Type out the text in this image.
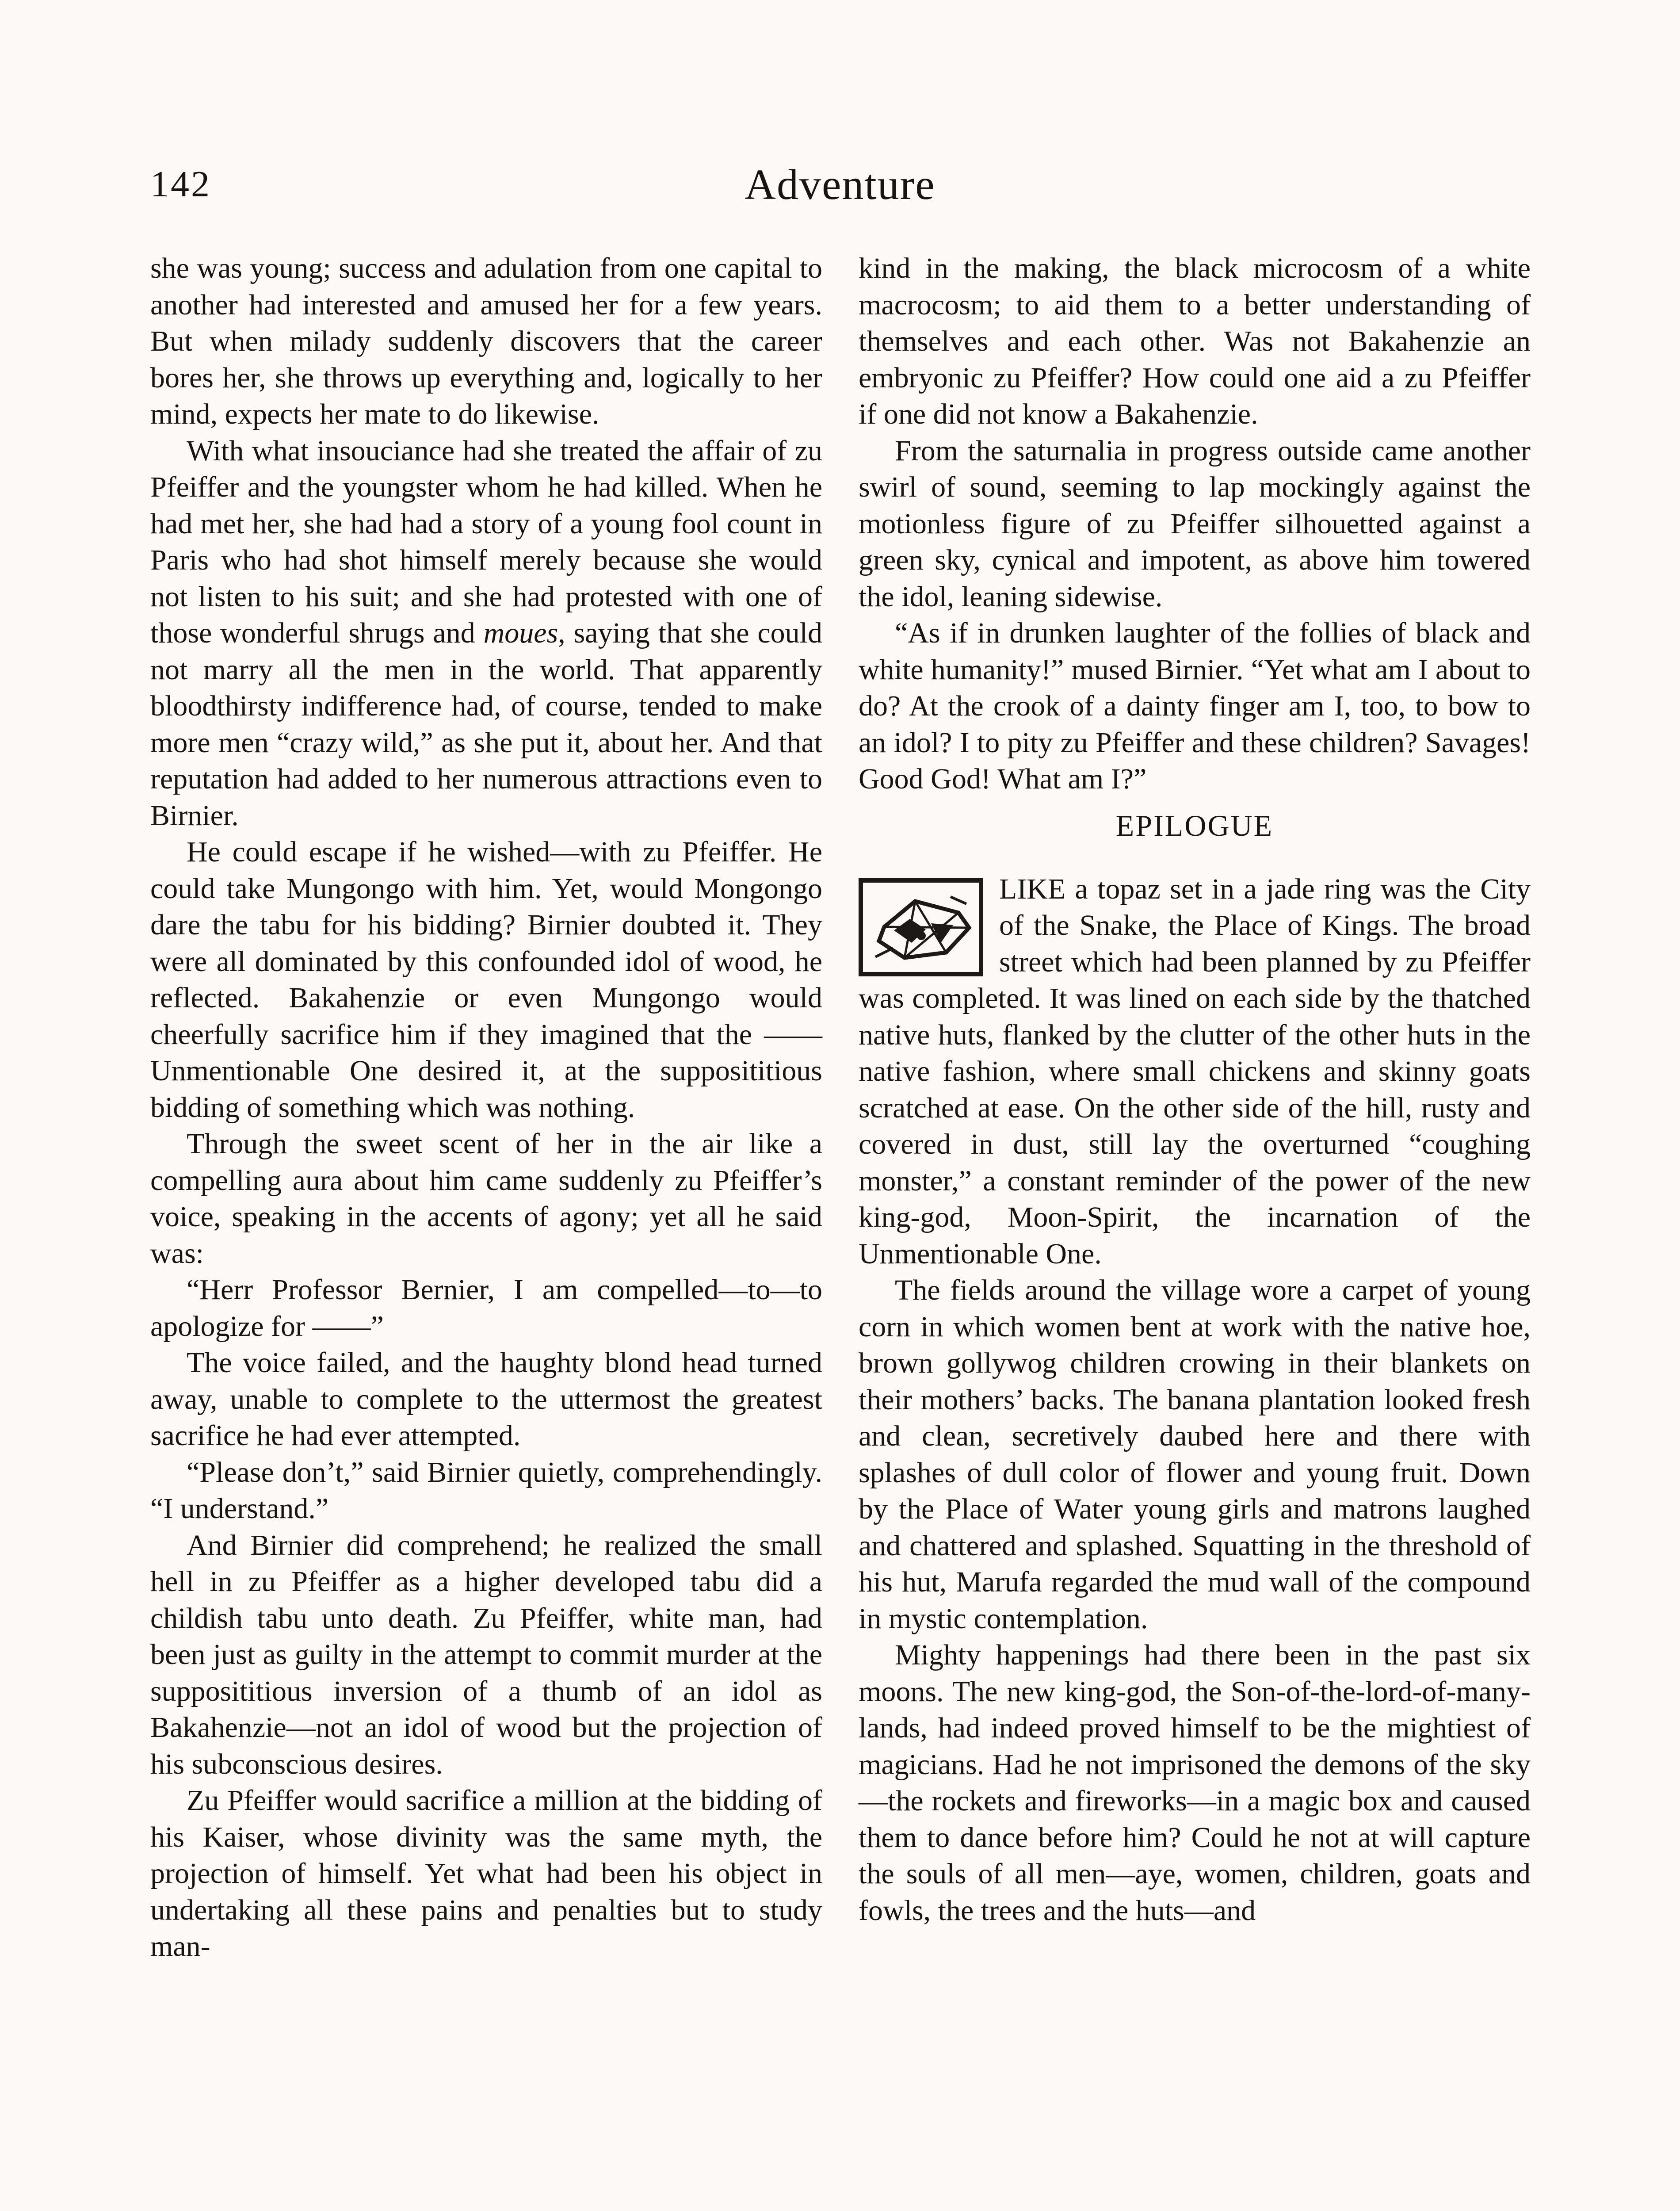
142	Adventure

she was young; success and adulation from one capital to another had interested and amused her for a few years. But when milady suddenly discovers that the career bores her, she throws up everything and, logically to her mind, expects her mate to do likewise.

With what insouciance had she treated the affair of zu Pfeiffer and the youngster whom he had killed. When he had met her, she had had a story of a young fool count in Paris who had shot himself merely because she would not listen to his suit; and she had protested with one of those wonderful shrugs and moues, saying that she could not marry all the men in the world. That apparently bloodthirsty indifference had, of course, tended to make more men “crazy wild,” as she put it, about her. And that reputation had added to her numerous attractions even to Birnier.

He could escape if he wished—with zu Pfeiffer. He could take Mungongo with him. Yet, would Mongongo dare the tabu for his bidding? Birnier doubted it. They were all dominated by this confounded idol of wood, he reflected. Bakahenzie or even Mungongo would cheerfully sacrifice him if they imagined that the —— Unmentionable One desired it, at the supposititious bidding of something which was nothing.

Through the sweet scent of her in the air like a compelling aura about him came suddenly zu Pfeiffer’s voice, speaking in the accents of agony; yet all he said was:

“Herr Professor Bernier, I am compelled—to—to apologize for ——”

The voice failed, and the haughty blond head turned away, unable to complete to the uttermost the greatest sacrifice he had ever attempted.

“Please don’t,” said Birnier quietly, comprehendingly. “I understand.”

And Birnier did comprehend; he realized the small hell in zu Pfeiffer as a higher developed tabu did a childish tabu unto death. Zu Pfeiffer, white man, had been just as guilty in the attempt to commit murder at the supposititious inversion of a thumb of an idol as Bakahenzie—not an idol of wood but the projection of his subconscious desires.

Zu Pfeiffer would sacrifice a million at the bidding of his Kaiser, whose divinity was the same myth, the projection of himself. Yet what had been his object in undertaking all these pains and penalties but to study man-

kind in the making, the black microcosm of a white macrocosm; to aid them to a better understanding of themselves and each other. Was not Bakahenzie an embryonic zu Pfeiffer? How could one aid a zu Pfeiffer if one did not know a Bakahenzie.

From the saturnalia in progress outside came another swirl of sound, seeming to lap mockingly against the motionless figure of zu Pfeiffer silhouetted against a green sky, cynical and impotent, as above him towered the idol, leaning sidewise.

“As if in drunken laughter of the follies of black and white humanity!” mused Birnier. “Yet what am I about to do? At the crook of a dainty finger am I, too, to bow to an idol? I to pity zu Pfeiffer and these children? Savages! Good God! What am I?”

EPILOGUE

LIKE a topaz set in a jade ring was the City of the Snake, the Place of Kings. The broad street which had been planned by zu Pfeiffer was completed. It was lined on each side by the thatched native huts, flanked by the clutter of the other huts in the native fashion, where small chickens and skinny goats scratched at ease. On the other side of the hill, rusty and covered in dust, still lay the overturned “coughing monster,” a constant reminder of the power of the new king-god, Moon-Spirit, the incarnation of the Unmentionable One.

The fields around the village wore a carpet of young corn in which women bent at work with the native hoe, brown gollywog children crowing in their blankets on their mothers’ backs. The banana plantation looked fresh and clean, secretively daubed here and there with splashes of dull color of flower and young fruit. Down by the Place of Water young girls and matrons laughed and chattered and splashed. Squatting in the threshold of his hut, Marufa regarded the mud wall of the compound in mystic contemplation.

Mighty happenings had there been in the past six moons. The new king-god, the Son-of-the-lord-of-many-lands, had indeed proved himself to be the mightiest of magicians. Had he not imprisoned the demons of the sky—the rockets and fireworks—in a magic box and caused them to dance before him? Could he not at will capture the souls of all men—aye, women, children, goats and fowls, the trees and the huts—and
